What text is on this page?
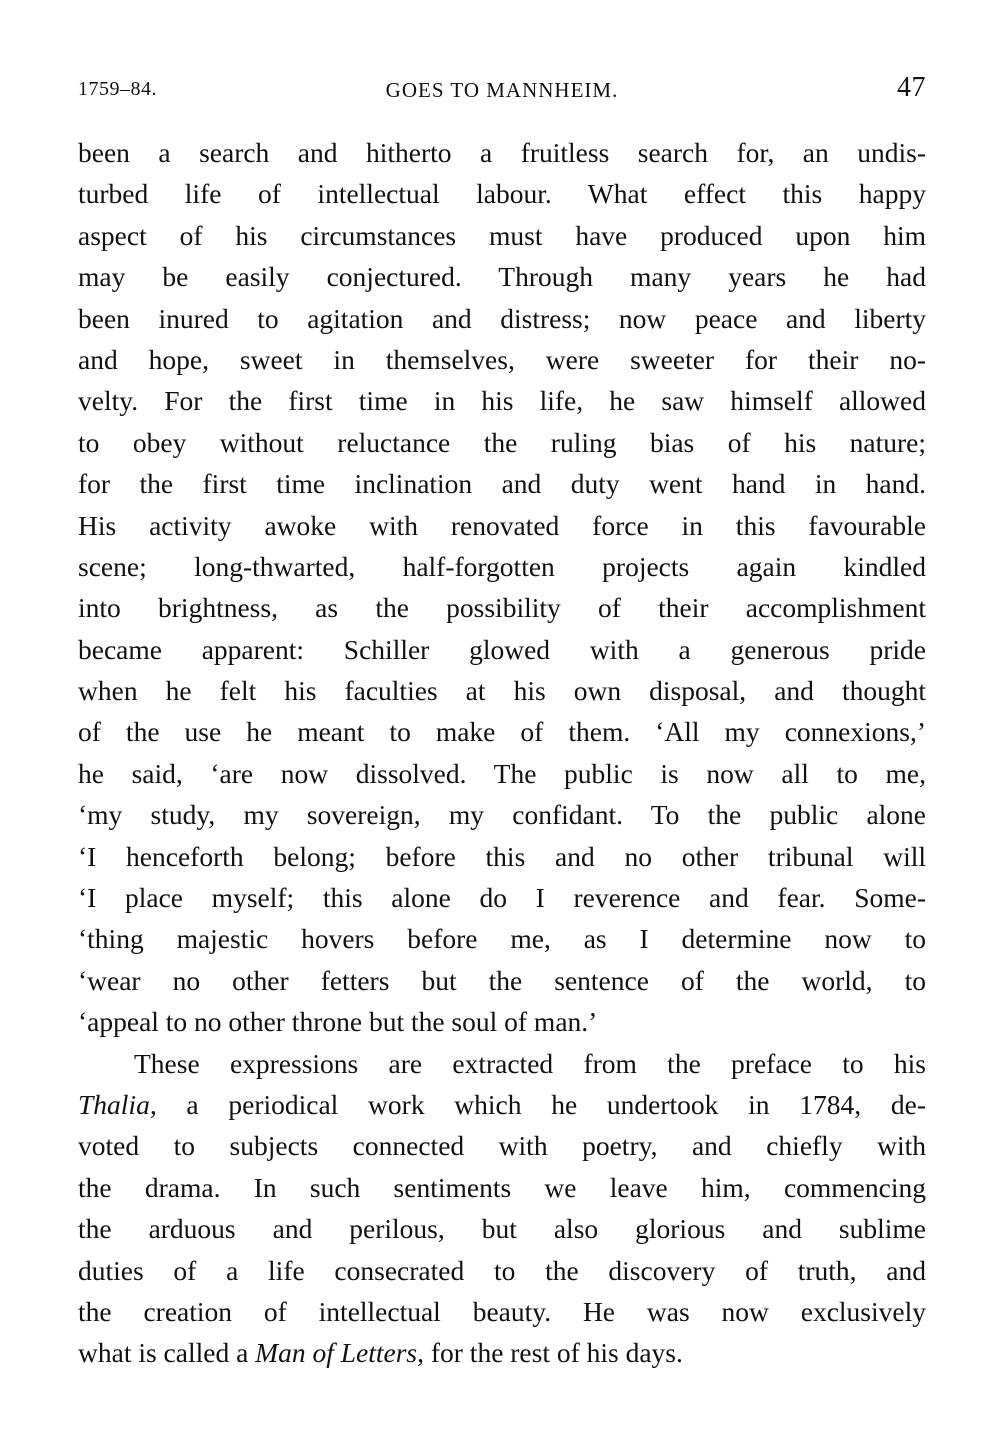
1759–84.	GOES TO MANNHEIM.	47
been a search and hitherto a fruitless search for, an undis-
turbed life of intellectual labour. What effect this happy
aspect of his circumstances must have produced upon him
may be easily conjectured. Through many years he had
been inured to agitation and distress; now peace and liberty
and hope, sweet in themselves, were sweeter for their no-
velty. For the first time in his life, he saw himself allowed
to obey without reluctance the ruling bias of his nature;
for the first time inclination and duty went hand in hand.
His activity awoke with renovated force in this favourable
scene; long-thwarted, half-forgotten projects again kindled
into brightness, as the possibility of their accomplishment
became apparent: Schiller glowed with a generous pride
when he felt his faculties at his own disposal, and thought
of the use he meant to make of them. ‘All my connexions,’
he said, ‘are now dissolved. The public is now all to me,
‘my study, my sovereign, my confidant. To the public alone
‘I henceforth belong; before this and no other tribunal will
‘I place myself; this alone do I reverence and fear. Some-
‘thing majestic hovers before me, as I determine now to
‘wear no other fetters but the sentence of the world, to
‘appeal to no other throne but the soul of man.’
These expressions are extracted from the preface to his
Thalia, a periodical work which he undertook in 1784, de-
voted to subjects connected with poetry, and chiefly with
the drama. In such sentiments we leave him, commencing
the arduous and perilous, but also glorious and sublime
duties of a life consecrated to the discovery of truth, and
the creation of intellectual beauty. He was now exclusively
what is called a Man of Letters, for the rest of his days.
